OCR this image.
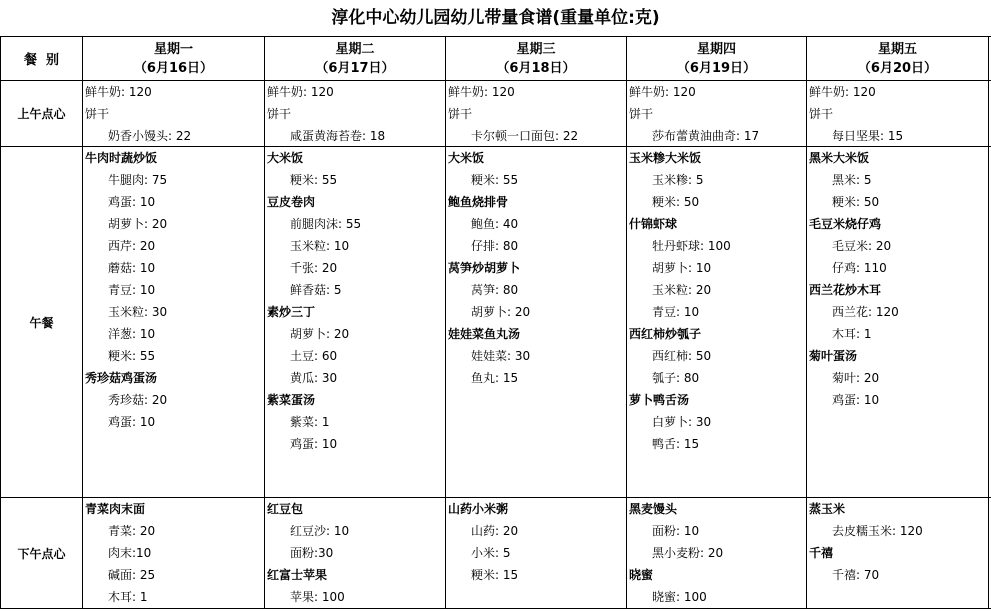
淳化中心幼儿园幼儿带量食谱(重量单位:克)
餐  别
星期一
（6月16日）
星期二
（6月17日）
星期三
（6月18日）
星期四
（6月19日）
星期五
（6月20日）
上午点心
午餐
下午点心
鲜牛奶: 120
饼干
奶香小馒头: 22
鲜牛奶: 120
饼干
咸蛋黄海苔卷: 18
鲜牛奶: 120
饼干
卡尔顿一口面包: 22
鲜牛奶: 120
饼干
莎布蕾黄油曲奇: 17
鲜牛奶: 120
饼干
每日坚果: 15
牛肉时蔬炒饭
牛腿肉: 75
鸡蛋: 10
胡萝卜: 20
西芹: 20
蘑菇: 10
青豆: 10
玉米粒: 30
洋葱: 10
粳米: 55
秀珍菇鸡蛋汤
秀珍菇: 20
鸡蛋: 10
大米饭
粳米: 55
豆皮卷肉
前腿肉沫: 55
玉米粒: 10
千张: 20
鲜香菇: 5
素炒三丁
胡萝卜: 20
土豆: 60
黄瓜: 30
紫菜蛋汤
紫菜: 1
鸡蛋: 10
大米饭
粳米: 55
鲍鱼烧排骨
鲍鱼: 40
仔排: 80
莴笋炒胡萝卜
莴笋: 80
胡萝卜: 20
娃娃菜鱼丸汤
娃娃菜: 30
鱼丸: 15
玉米糁大米饭
玉米糁: 5
粳米: 50
什锦虾球
牡丹虾球: 100
胡萝卜: 10
玉米粒: 20
青豆: 10
西红柿炒瓠子
西红柿: 50
瓠子: 80
萝卜鸭舌汤
白萝卜: 30
鸭舌: 15
黑米大米饭
黑米: 5
粳米: 50
毛豆米烧仔鸡
毛豆米: 20
仔鸡: 110
西兰花炒木耳
西兰花: 120
木耳: 1
菊叶蛋汤
菊叶: 20
鸡蛋: 10
青菜肉末面
青菜: 20
肉末:10
碱面: 25
木耳: 1
红豆包
红豆沙: 10
面粉:30
红富士苹果
苹果: 100
山药小米粥
山药: 20
小米: 5
粳米: 15
黑麦馒头
面粉: 10
黑小麦粉: 20
晓蜜
晓蜜: 100
蒸玉米
去皮糯玉米: 120
千禧
千禧: 70
